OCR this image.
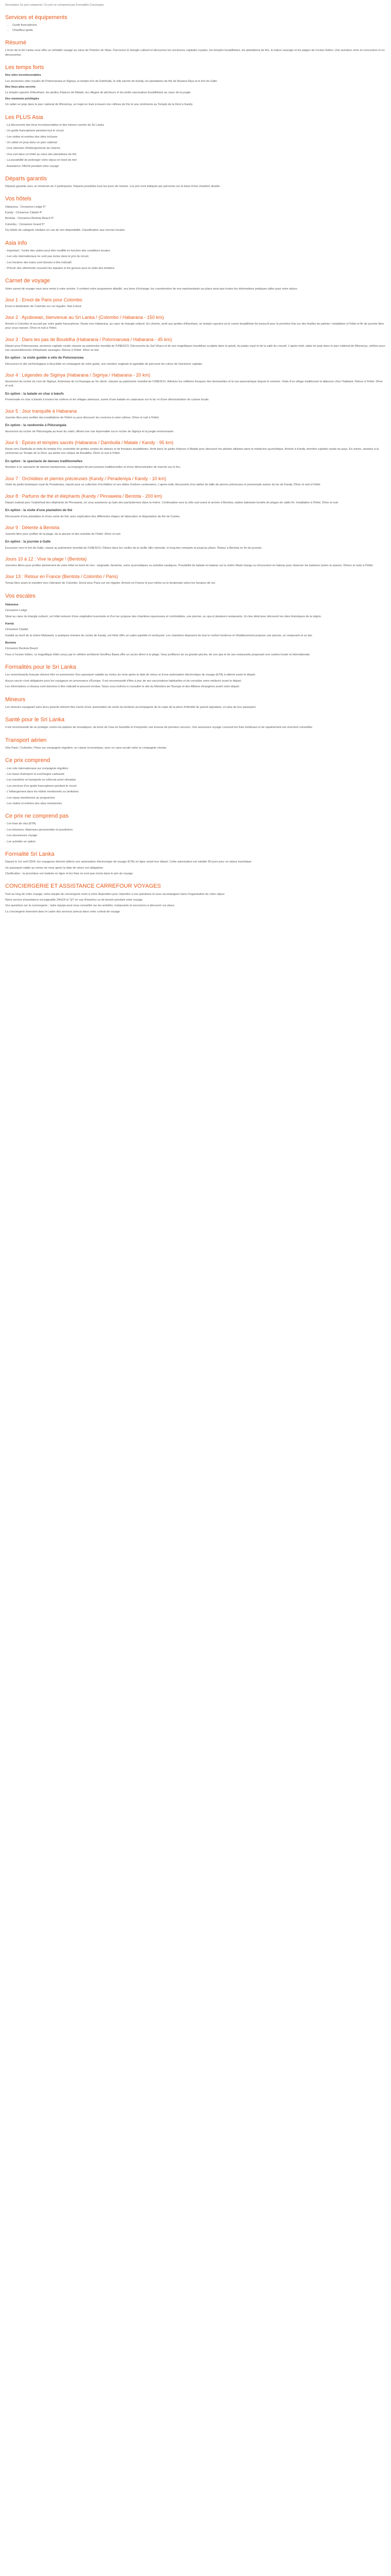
Description Ce prix comprend / Ce prix ne comprend pas Formalités Concierges
Services et équipements
• Guide francophone
• Chauffeur guide
Résumé

L'écrin de la Sri Lanka vous offre un véritable voyage au cœur de l'histoire de l'Asie. Parcourez le triangle culturel et découvrez les anciennes capitales royales, les temples bouddhistes, les plantations de thé, la nature sauvage et les plages de l'océan Indien. Une aventure riche en rencontres et en découvertes.

Les temps forts

Des sites incontournables

Les anciennes cités royales de Polonnaruwa et Sigiriya, le temple d'or de Dambulla, la ville sacrée de Kandy, les plantations de thé de Nuwara Eliya et le fort de Galle.

Des lieux plus secrets

Le temple rupestre d'Aluvihare, les jardins d'épices de Matale, les villages de pêcheurs et les petits sanctuaires bouddhistes au cœur de la jungle.

Des moments privilégiés

Un safari en jeep dans le parc national de Minneriya, un trajet en train à travers les collines de thé et une cérémonie au Temple de la Dent à Kandy.

Les PLUS Asia

- La découverte des lieux incontournables et des trésors cachés du Sri Lanka

- Un guide francophone pendant tout le circuit

- Les visites et entrées des sites incluses

- Un safari en jeep dans un parc national

- Une sélection d'hébergements de charme

- Une nuit dans un hôtel au cœur des plantations de thé

- La possibilité de prolonger votre séjour en bord de mer

- Assistance 24h/24 pendant votre voyage

Départs garantis

Départs garantis avec un minimum de 2 participants. Départs possibles tous les jours de l'année. Les prix sont indiqués par personne sur la base d'une chambre double.

Vos hôtels

Habarana : Cinnamon Lodge 5*

Kandy : Cinnamon Citadel 4*

Bentota : Cinnamon Bentota Beach 5*

Colombo : Cinnamon Grand 5*

Ou hôtels de catégorie similaire en cas de non disponibilité. Classification aux normes locales.

Asia info

- Important : l'ordre des visites peut être modifié en fonction des conditions locales.

- Les vols internationaux ne sont pas inclus dans le prix du circuit.

- Les horaires des trains sont donnés à titre indicatif.

- Prévoir des vêtements couvrant les épaules et les genoux pour la visite des temples.

Carnet de voyage

Votre carnet de voyage vous sera remis à votre arrivée. Il contient votre programme détaillé, vos bons d'échange, les coordonnées de nos représentants sur place ainsi que toutes les informations pratiques utiles pour votre séjour.

Jour 1 : Envol de Paris pour Colombo

Envol à destination de Colombo sur vol régulier. Nuit à bord.

Jour 2 : Ayubowan, bienvenue au Sri Lanka ! (Colombo / Habarana - 150 km)

Arrivée à Colombo et accueil par votre guide francophone. Route vers Habarana, au cœur du triangle culturel. En chemin, arrêt aux grottes d'Aluvihare, un temple rupestre où le canon bouddhiste fut transcrit pour la première fois sur des feuilles de palmier. Installation à l'hôtel et fin de journée libre pour vous reposer. Dîner et nuit à l'hôtel.

Jour 3 : Dans les pas de Bouddha (Habarana / Polonnaruwa / Habarana - 45 km)

Départ pour Polonnaruwa, ancienne capitale royale classée au patrimoine mondial de l'UNESCO. Découverte du Gal Vihara et de ses magnifiques bouddhas sculptés dans le granit, du palais royal et de la salle du conseil. L'après-midi, safari en jeep dans le parc national de Minneriya, célèbre pour ses rassemblements d'éléphants sauvages. Retour à l'hôtel. Dîner et nuit.

En option : la visite guidée à vélo de Polonnaruwa

Découvrez le site archéologique à bicyclette en compagnie de votre guide, une manière originale et agréable de parcourir les ruines de l'ancienne capitale.

Jour 4 : Légendes de Sigiriya (Habarana / Sigiriya / Habarana - 20 km)

Ascension du rocher du Lion de Sigiriya, forteresse du roi Kassapa au Ve siècle, classée au patrimoine mondial de l'UNESCO. Admirez les célèbres fresques des demoiselles et la vue panoramique depuis le sommet. Visite d'un village traditionnel et déjeuner chez l'habitant. Retour à l'hôtel. Dîner et nuit.

En option : la balade en char à bœufs

Promenade en char à bœufs à travers les rizières et les villages alentours, suivie d'une balade en catamaran sur le lac et d'une démonstration de cuisine locale.

Jour 5 : Jour tranquille à Habarana

Journée libre pour profiter des installations de l'hôtel ou pour découvrir les environs à votre rythme. Dîner et nuit à l'hôtel.

En option : la randonnée à Pidurangala

Ascension du rocher de Pidurangala au lever du soleil, offrant une vue imprenable sur le rocher de Sigiriya et la jungle environnante.

Jour 6 : Épices et temples sacrés (Habarana / Dambulla / Matale / Kandy - 95 km)

Route vers Dambulla et visite du temple d'or, ensemble de grottes ornées de statues et de fresques bouddhistes. Arrêt dans un jardin d'épices à Matale pour découvrir les plantes utilisées dans la médecine ayurvédique. Arrivée à Kandy, dernière capitale royale du pays. En soirée, assistez à la cérémonie au Temple de la Dent, qui abrite une relique de Bouddha. Dîner et nuit à l'hôtel.

En option : le spectacle de danses traditionnelles

Assistez à un spectacle de danses kandyennes, accompagné de percussions traditionnelles et d'une démonstration de marche sur le feu.

Jour 7 : Orchidées et pierres précieuses (Kandy / Peradeniya / Kandy - 10 km)

Visite du jardin botanique royal de Peradeniya, réputé pour sa collection d'orchidées et ses allées d'arbres centenaires. L'après-midi, découverte d'un atelier de taille de pierres précieuses et promenade autour du lac de Kandy. Dîner et nuit à l'hôtel.

Jour 8 : Parfums de thé et éléphants (Kandy / Pinnawela / Bentota - 200 km)

Départ matinal pour l'orphelinat des éléphants de Pinnawela, où vous assisterez au bain des pachydermes dans la rivière. Continuation vers la côte sud-ouest et arrivée à Bentota, station balnéaire bordée de plages de sable fin. Installation à l'hôtel. Dîner et nuit.

En option : la visite d'une plantation de thé

Découverte d'une plantation et d'une usine de thé, avec explication des différentes étapes de fabrication et dégustation de thé de Ceylan.

Jour 9 : Détente à Bentota

Journée libre pour profiter de la plage, de la piscine et des activités de l'hôtel. Dîner et nuit.

En option : la journée à Galle

Excursion vers le fort de Galle, classé au patrimoine mondial de l'UNESCO. Flânez dans les ruelles de la vieille ville coloniale, le long des remparts et jusqu'au phare. Retour à Bentota en fin de journée.

Jours 10 à 12 : Vive la plage ! (Bentota)

Journées libres pour profiter pleinement de votre hôtel en bord de mer : baignade, farniente, soins ayurvédiques ou activités nautiques. Possibilité de balade en bateau sur la rivière Madu Ganga ou d'excursion en bateau pour observer les baleines (selon la saison). Dîners et nuits à l'hôtel.

Jour 13 : Retour en France (Bentota / Colombo / Paris)

Temps libre avant le transfert vers l'aéroport de Colombo. Envol pour Paris sur vol régulier. Arrivée en France le jour même ou le lendemain selon les horaires de vol.

Vos escales

Habarana

Cinnamon Lodge

Situé au cœur du triangle culturel, cet hôtel entouré d'une végétation luxuriante et d'un lac propose des chambres spacieuses et confortables, une piscine, un spa et plusieurs restaurants. Un lieu idéal pour découvrir les sites historiques de la région.

Kandy

Cinnamon Citadel

Installé au bord de la rivière Mahaweli, à quelques minutes du centre de Kandy, cet hôtel offre un cadre paisible et verdoyant. Les chambres disposent de tout le confort moderne et l'établissement propose une piscine, un restaurant et un bar.

Bentota

Cinnamon Bentota Beach

Face à l'océan Indien, ce magnifique hôtel conçu par le célèbre architecte Geoffrey Bawa offre un accès direct à la plage. Vous profiterez de sa grande piscine, de son spa et de ses restaurants proposant une cuisine locale et internationale.

Formalités pour le Sri Lanka

Les ressortissants français doivent être en possession d'un passeport valable au moins six mois après la date de retour et d'une autorisation électronique de voyage (ETA) à obtenir avant le départ.

Aucun vaccin n'est obligatoire pour les voyageurs en provenance d'Europe. Il est recommandé d'être à jour de ses vaccinations habituelles et de consulter votre médecin avant le départ.

Les informations ci-dessus sont données à titre indicatif et peuvent évoluer. Nous vous invitons à consulter le site du Ministère de l'Europe et des Affaires étrangères avant votre départ.

Mineurs

Les mineurs voyageant sans leurs parents doivent être munis d'une autorisation de sortie du territoire accompagnée de la copie de la pièce d'identité du parent signataire, en plus de leur passeport.

Santé pour le Sri Lanka

Il est recommandé de se protéger contre les piqûres de moustiques, de boire de l'eau en bouteille et d'emporter une trousse de premiers secours. Une assurance voyage couvrant les frais médicaux et de rapatriement est vivement conseillée.

Transport aérien

Vols Paris / Colombo / Paris sur compagnie régulière, en classe économique, avec ou sans escale selon la compagnie choisie.

Ce prix comprend

- Les vols internationaux sur compagnie régulière

- Les taxes d'aéroport et surcharges carburant

- Les transferts et transports en véhicule privé climatisé

- Les services d'un guide francophone pendant le circuit

- L'hébergement dans les hôtels mentionnés ou similaires

- Les repas mentionnés au programme

- Les visites et entrées des sites mentionnés

Ce prix ne comprend pas

- Les frais de visa (ETA)

- Les boissons, dépenses personnelles et pourboires

- Les assurances voyage

- Les activités en option

Formalité Sri Lanka

Depuis le 1er avril 2024, les voyageurs doivent obtenir une autorisation électronique de voyage (ETA) en ligne avant leur départ. Cette autorisation est valable 30 jours pour un séjour touristique.

Un passeport valide au moins six mois après la date de retour est obligatoire.

Clarification : la procédure est réalisée en ligne et les frais ne sont pas inclus dans le prix du voyage.

CONCIERGERIE ET ASSISTANCE CARREFOUR VOYAGES

Tout au long de votre voyage, notre équipe de conciergerie reste à votre disposition pour répondre à vos questions et vous accompagner dans l'organisation de votre séjour.

Notre service d'assistance est joignable 24h/24 et 7j/7 en cas d'imprévu ou de besoin pendant votre voyage.

Vos questions sur la conciergerie : notre équipe peut vous conseiller sur les activités, restaurants et excursions à découvrir sur place.

La conciergerie intervient dans le cadre des services prévus dans votre contrat de voyage.
